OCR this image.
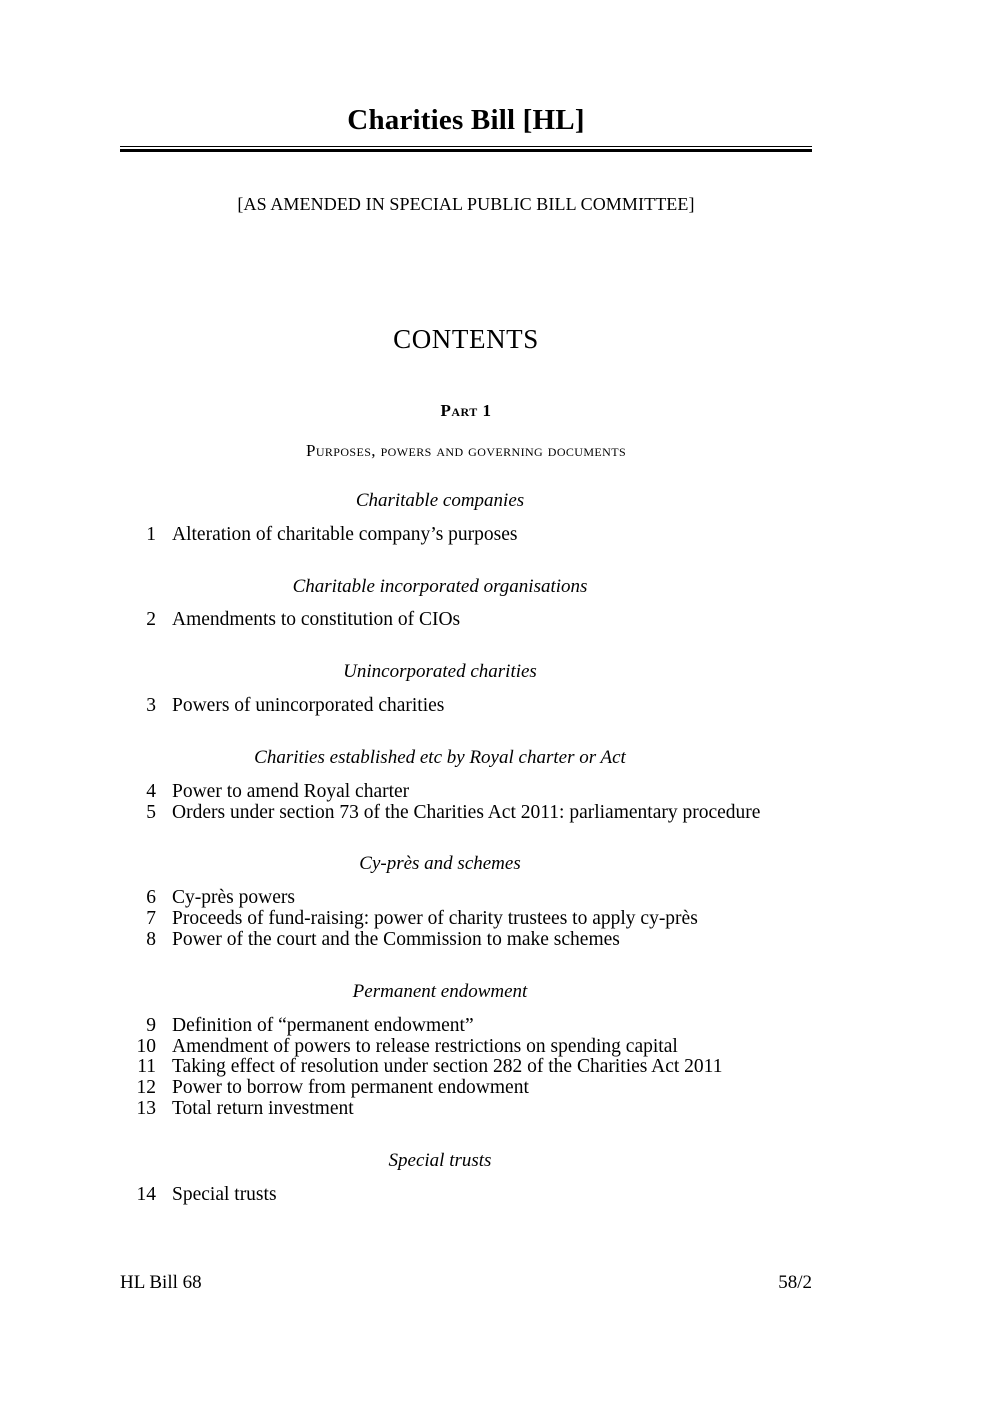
Charities Bill [HL]
[AS AMENDED IN SPECIAL PUBLIC BILL COMMITTEE]
CONTENTS
Part 1
Purposes, powers and governing documents
Charitable companies
1 Alteration of charitable company’s purposes
Charitable incorporated organisations
2 Amendments to constitution of CIOs
Unincorporated charities
3 Powers of unincorporated charities
Charities established etc by Royal charter or Act
4 Power to amend Royal charter
5 Orders under section 73 of the Charities Act 2011: parliamentary procedure
Cy-près and schemes
6 Cy-près powers
7 Proceeds of fund-raising: power of charity trustees to apply cy-près
8 Power of the court and the Commission to make schemes
Permanent endowment
9 Definition of “permanent endowment”
10 Amendment of powers to release restrictions on spending capital
11 Taking effect of resolution under section 282 of the Charities Act 2011
12 Power to borrow from permanent endowment
13 Total return investment
Special trusts
14 Special trusts
HL Bill 68	58/2
